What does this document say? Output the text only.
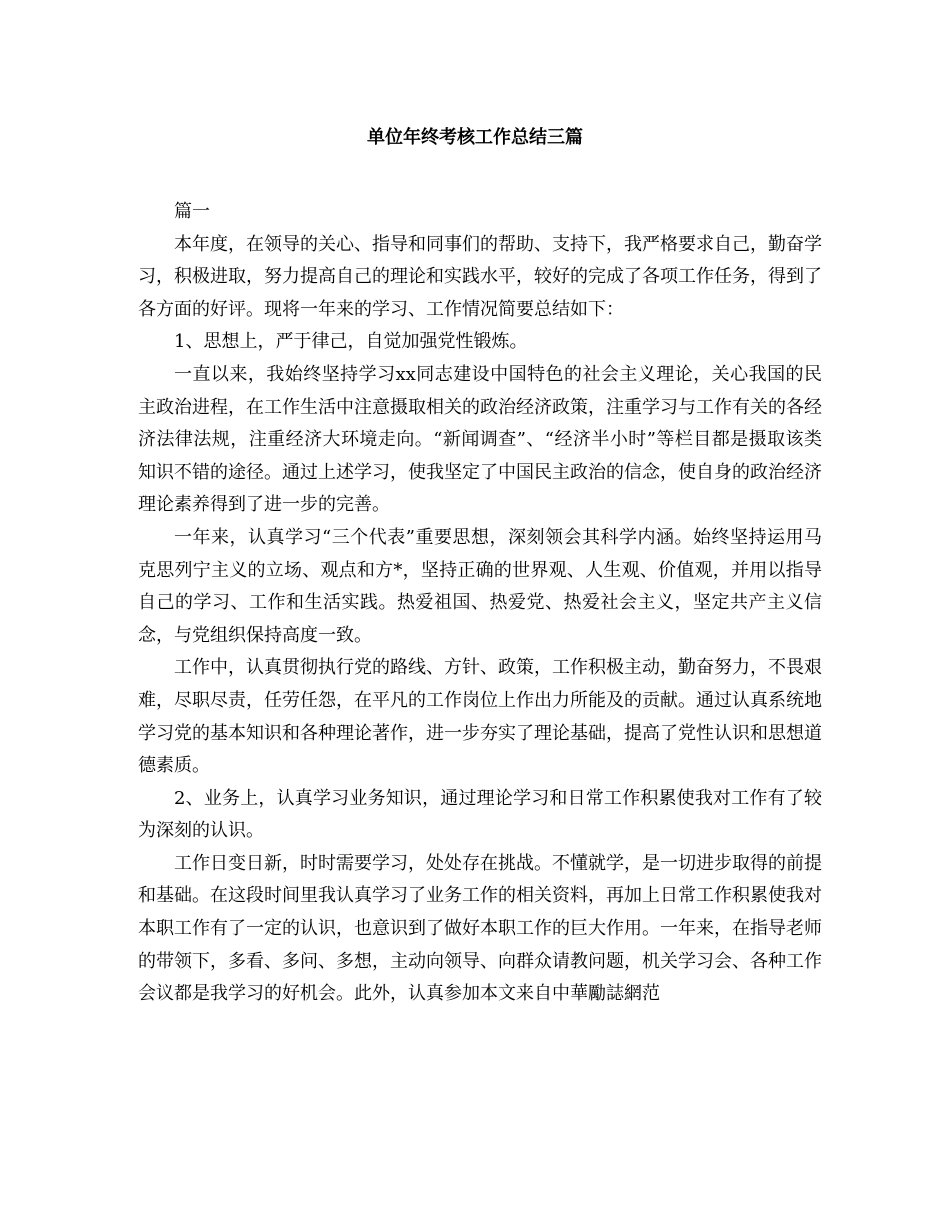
单位年终考核工作总结三篇

篇一

本年度，在领导的关心、指导和同事们的帮助、支持下，我严格要求自己，勤奋学习，积极进取，努力提高自己的理论和实践水平，较好的完成了各项工作任务，得到了各方面的好评。现将一年来的学习、工作情况简要总结如下：

1、思想上，严于律己，自觉加强党性锻炼。

一直以来，我始终坚持学习xx同志建设中国特色的社会主义理论，关心我国的民主政治进程，在工作生活中注意摄取相关的政治经济政策，注重学习与工作有关的各经济法律法规，注重经济大环境走向。“新闻调查”、“经济半小时”等栏目都是摄取该类知识不错的途径。通过上述学习，使我坚定了中国民主政治的信念，使自身的政治经济理论素养得到了进一步的完善。

一年来，认真学习“三个代表”重要思想，深刻领会其科学内涵。始终坚持运用马克思列宁主义的立场、观点和方*，坚持正确的世界观、人生观、价值观，并用以指导自己的学习、工作和生活实践。热爱祖国、热爱党、热爱社会主义，坚定共产主义信念，与党组织保持高度一致。

工作中，认真贯彻执行党的路线、方针、政策，工作积极主动，勤奋努力，不畏艰难，尽职尽责，任劳任怨，在平凡的工作岗位上作出力所能及的贡献。通过认真系统地学习党的基本知识和各种理论著作，进一步夯实了理论基础，提高了党性认识和思想道德素质。

2、业务上，认真学习业务知识，通过理论学习和日常工作积累使我对工作有了较为深刻的认识。

工作日变日新，时时需要学习，处处存在挑战。不懂就学，是一切进步取得的前提和基础。在这段时间里我认真学习了业务工作的相关资料，再加上日常工作积累使我对本职工作有了一定的认识，也意识到了做好本职工作的巨大作用。一年来，在指导老师的带领下，多看、多问、多想，主动向领导、向群众请教问题，机关学习会、各种工作会议都是我学习的好机会。此外，认真参加本文来自中華勵誌網范
